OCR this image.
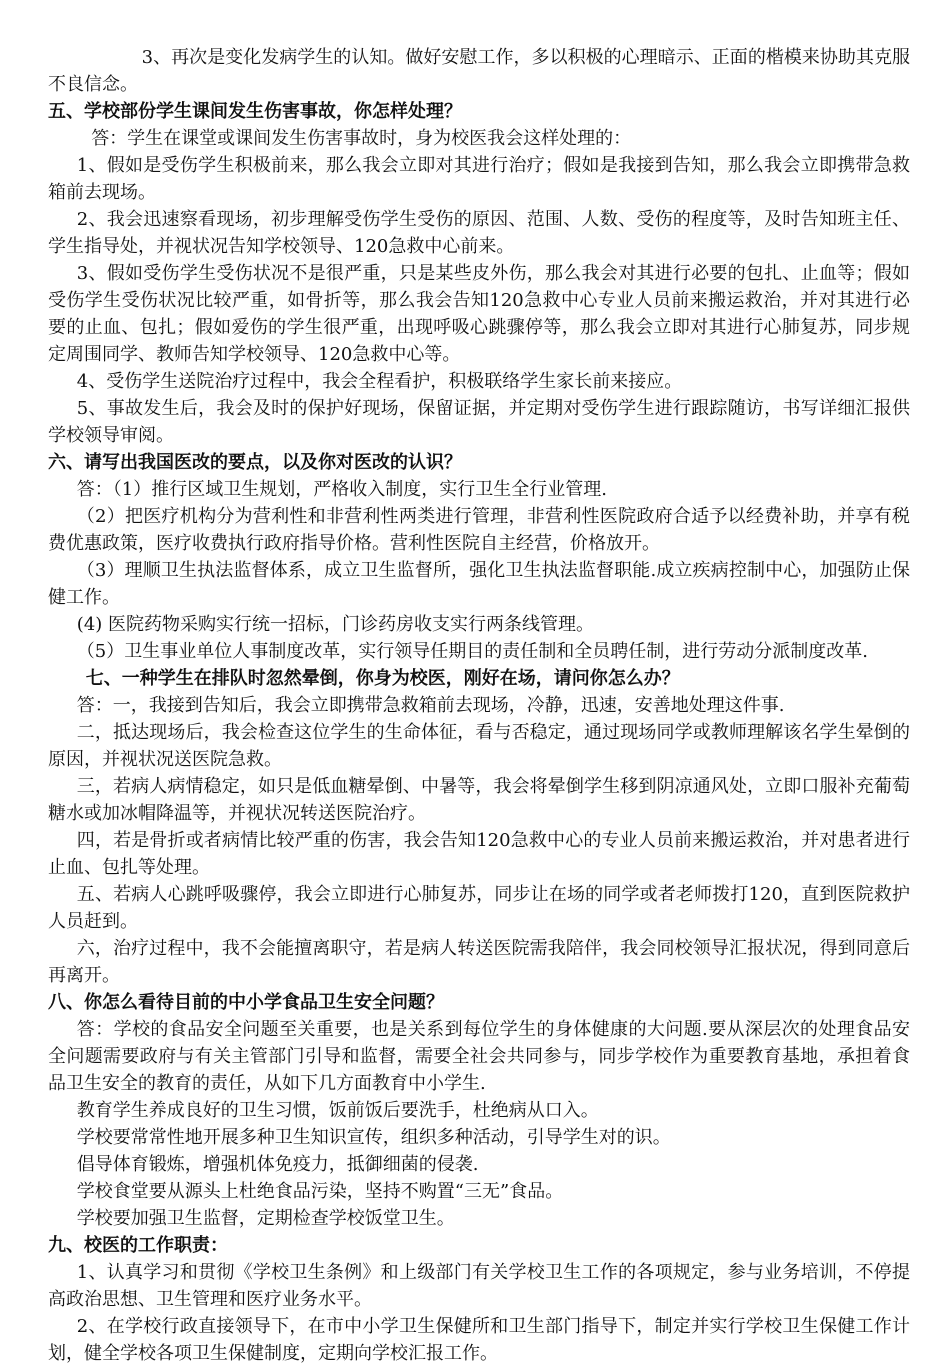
3、再次是变化发病学生的认知。做好安慰工作，多以积极的心理暗示、正面的楷模来协助其克服不良信念。

五、学校部份学生课间发生伤害事故，你怎样处理？

答：学生在课堂或课间发生伤害事故时，身为校医我会这样处理的：

1、假如是受伤学生积极前来，那么我会立即对其进行治疗；假如是我接到告知，那么我会立即携带急救箱前去现场。

2、我会迅速察看现场，初步理解受伤学生受伤的原因、范围、人数、受伤的程度等，及时告知班主任、学生指导处，并视状况告知学校领导、120急救中心前来。

3、假如受伤学生受伤状况不是很严重，只是某些皮外伤，那么我会对其进行必要的包扎、止血等；假如受伤学生受伤状况比较严重，如骨折等，那么我会告知120急救中心专业人员前来搬运救治，并对其进行必要的止血、包扎；假如爱伤的学生很严重，出现呼吸心跳骤停等，那么我会立即对其进行心肺复苏，同步规定周围同学、教师告知学校领导、120急救中心等。

4、受伤学生送院治疗过程中，我会全程看护，积极联络学生家长前来接应。

5、事故发生后，我会及时的保护好现场，保留证据，并定期对受伤学生进行跟踪随访，书写详细汇报供学校领导审阅。

六、请写出我国医改的要点，以及你对医改的认识？

答：（1）推行区域卫生规划，严格收入制度，实行卫生全行业管理.

（2）把医疗机构分为营利性和非营利性两类进行管理，非营利性医院政府合适予以经费补助，并享有税费优惠政策，医疗收费执行政府指导价格。营利性医院自主经营，价格放开。

（3）理顺卫生执法监督体系，成立卫生监督所，强化卫生执法监督职能.成立疾病控制中心，加强防止保健工作。

(4) 医院药物采购实行统一招标，门诊药房收支实行两条线管理。

（5）卫生事业单位人事制度改革，实行领导任期目的责任制和全员聘任制，进行劳动分派制度改革.

七、一种学生在排队时忽然晕倒，你身为校医，刚好在场，请问你怎么办？

答：一，我接到告知后，我会立即携带急救箱前去现场，冷静，迅速，安善地处理这件事.

二，抵达现场后，我会检查这位学生的生命体征，看与否稳定，通过现场同学或教师理解该名学生晕倒的原因，并视状况送医院急救。

三，若病人病情稳定，如只是低血糖晕倒、中暑等，我会将晕倒学生移到阴凉通风处，立即口服补充葡萄糖水或加冰帽降温等，并视状况转送医院治疗。

四，若是骨折或者病情比较严重的伤害，我会告知120急救中心的专业人员前来搬运救治，并对患者进行止血、包扎等处理。

五、若病人心跳呼吸骤停，我会立即进行心肺复苏，同步让在场的同学或者老师拨打120，直到医院救护人员赶到。

六，治疗过程中，我不会能擅离职守，若是病人转送医院需我陪伴，我会同校领导汇报状况，得到同意后再离开。

八、你怎么看待目前的中小学食品卫生安全问题？

答：学校的食品安全问题至关重要，也是关系到每位学生的身体健康的大问题.要从深层次的处理食品安全问题需要政府与有关主管部门引导和监督，需要全社会共同参与，同步学校作为重要教育基地，承担着食品卫生安全的教育的责任，从如下几方面教育中小学生.

教育学生养成良好的卫生习惯，饭前饭后要洗手，杜绝病从口入。

学校要常常性地开展多种卫生知识宣传，组织多种活动，引导学生对的识。

倡导体育锻炼，增强机体免疫力，抵御细菌的侵袭.

学校食堂要从源头上杜绝食品污染，坚持不购置“三无”食品。

学校要加强卫生监督，定期检查学校饭堂卫生。

九、校医的工作职责：

1、认真学习和贯彻《学校卫生条例》和上级部门有关学校卫生工作的各项规定，参与业务培训，不停提高政治思想、卫生管理和医疗业务水平。

2、在学校行政直接领导下，在市中小学卫生保健所和卫生部门指导下，制定并实行学校卫生保健工作计划，健全学校各项卫生保健制度，定期向学校汇报工作。
